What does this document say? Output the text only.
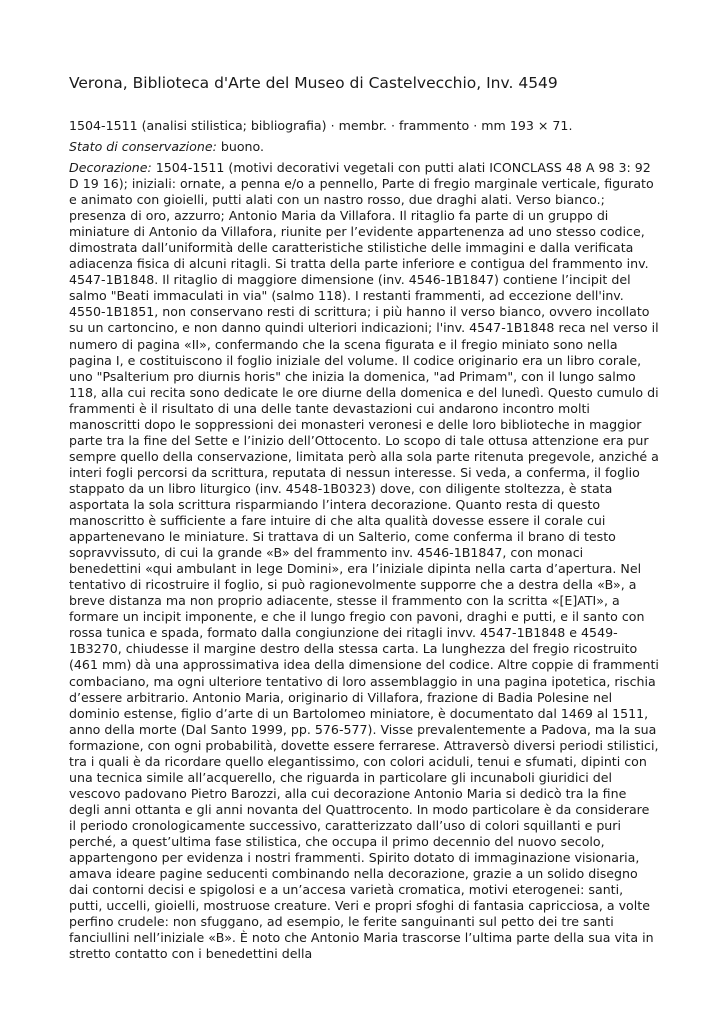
Verona, Biblioteca d'Arte del Museo di Castelvecchio, Inv. 4549

1504-1511 (analisi stilistica; bibliografia) · membr. · frammento · mm 193 × 71.

Stato di conservazione: buono.

Decorazione: 1504-1511 (motivi decorativi vegetali con putti alati ICONCLASS 48 A 98 3: 92 D 19 16); iniziali: ornate, a penna e/o a pennello, Parte di fregio marginale verticale, figurato e animato con gioielli, putti alati con un nastro rosso, due draghi alati. Verso bianco.; presenza di oro, azzurro; Antonio Maria da Villafora. Il ritaglio fa parte di un gruppo di miniature di Antonio da Villafora, riunite per l’evidente appartenenza ad uno stesso codice, dimostrata dall’uniformità delle caratteristiche stilistiche delle immagini e dalla verificata adiacenza fisica di alcuni ritagli. Si tratta della parte inferiore e contigua del frammento inv. 4547-1B1848. Il ritaglio di maggiore dimensione (inv. 4546-1B1847) contiene l’incipit del salmo "Beati immaculati in via" (salmo 118). I restanti frammenti, ad eccezione dell'inv. 4550-1B1851, non conservano resti di scrittura; i più hanno il verso bianco, ovvero incollato su un cartoncino, e non danno quindi ulteriori indicazioni; l'inv. 4547-1B1848 reca nel verso il numero di pagina «II», confermando che la scena figurata e il fregio miniato sono nella pagina I, e costituiscono il foglio iniziale del volume. Il codice originario era un libro corale, uno "Psalterium pro diurnis horis" che inizia la domenica, "ad Primam", con il lungo salmo 118, alla cui recita sono dedicate le ore diurne della domenica e del lunedì. Questo cumulo di frammenti è il risultato di una delle tante devastazioni cui andarono incontro molti manoscritti dopo le soppressioni dei monasteri veronesi e delle loro biblioteche in maggior parte tra la fine del Sette e l’inizio dell’Ottocento. Lo scopo di tale ottusa attenzione era pur sempre quello della conservazione, limitata però alla sola parte ritenuta pregevole, anziché a interi fogli percorsi da scrittura, reputata di nessun interesse. Si veda, a conferma, il foglio stappato da un libro liturgico (inv. 4548-1B0323) dove, con diligente stoltezza, è stata asportata la sola scrittura risparmiando l’intera decorazione. Quanto resta di questo manoscritto è sufficiente a fare intuire di che alta qualità dovesse essere il corale cui appartenevano le miniature. Si trattava di un Salterio, come conferma il brano di testo sopravvissuto, di cui la grande «B» del frammento inv. 4546-1B1847, con monaci benedettini «qui ambulant in lege Domini», era l’iniziale dipinta nella carta d’apertura. Nel tentativo di ricostruire il foglio, si può ragionevolmente supporre che a destra della «B», a breve distanza ma non proprio adiacente, stesse il frammento con la scritta «[E]ATI», a formare un incipit imponente, e che il lungo fregio con pavoni, draghi e putti, e il santo con rossa tunica e spada, formato dalla congiunzione dei ritagli invv. 4547-1B1848 e 4549-1B3270, chiudesse il margine destro della stessa carta. La lunghezza del fregio ricostruito (461 mm) dà una approssimativa idea della dimensione del codice. Altre coppie di frammenti combaciano, ma ogni ulteriore tentativo di loro assemblaggio in una pagina ipotetica, rischia d’essere arbitrario. Antonio Maria, originario di Villafora, frazione di Badia Polesine nel dominio estense, figlio d’arte di un Bartolomeo miniatore, è documentato dal 1469 al 1511, anno della morte (Dal Santo 1999, pp. 576-577). Visse prevalentemente a Padova, ma la sua formazione, con ogni probabilità, dovette essere ferrarese. Attraversò diversi periodi stilistici, tra i quali è da ricordare quello elegantissimo, con colori aciduli, tenui e sfumati, dipinti con una tecnica simile all’acquerello, che riguarda in particolare gli incunaboli giuridici del vescovo padovano Pietro Barozzi, alla cui decorazione Antonio Maria si dedicò tra la fine degli anni ottanta e gli anni novanta del Quattrocento. In modo particolare è da considerare il periodo cronologicamente successivo, caratterizzato dall’uso di colori squillanti e puri perché, a quest’ultima fase stilistica, che occupa il primo decennio del nuovo secolo, appartengono per evidenza i nostri frammenti. Spirito dotato di immaginazione visionaria, amava ideare pagine seducenti combinando nella decorazione, grazie a un solido disegno dai contorni decisi e spigolosi e a un’accesa varietà cromatica, motivi eterogenei: santi, putti, uccelli, gioielli, mostruose creature. Veri e propri sfoghi di fantasia capricciosa, a volte perfino crudele: non sfuggano, ad esempio, le ferite sanguinanti sul petto dei tre santi fanciullini nell’iniziale «B». È noto che Antonio Maria trascorse l’ultima parte della sua vita in stretto contatto con i benedettini della
